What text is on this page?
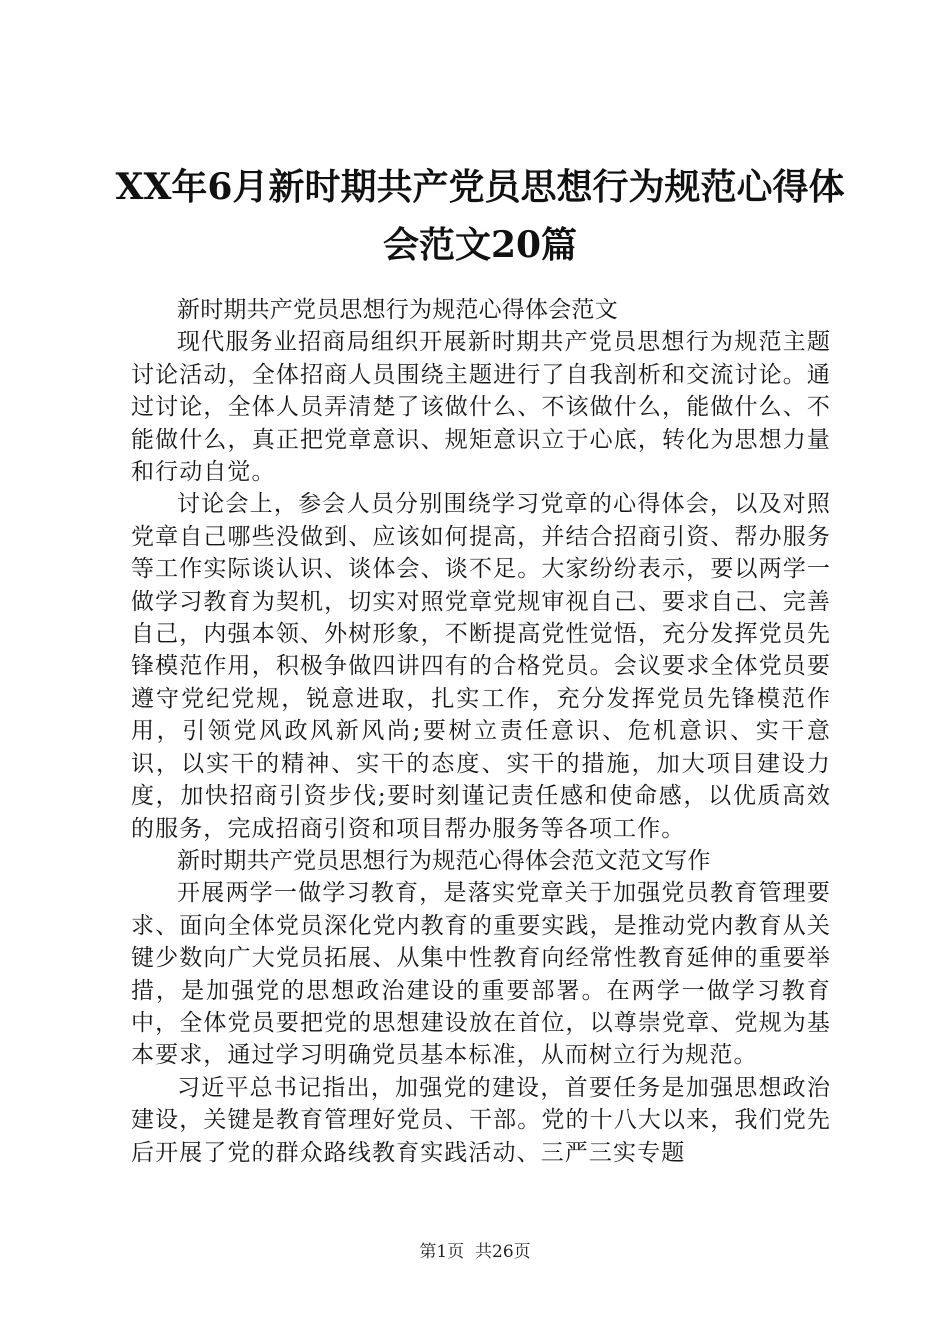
XX年6月新时期共产党员思想行为规范心得体会范文20篇

新时期共产党员思想行为规范心得体会范文

现代服务业招商局组织开展新时期共产党员思想行为规范主题讨论活动，全体招商人员围绕主题进行了自我剖析和交流讨论。通过讨论，全体人员弄清楚了该做什么、不该做什么，能做什么、不能做什么，真正把党章意识、规矩意识立于心底，转化为思想力量和行动自觉。

讨论会上，参会人员分别围绕学习党章的心得体会，以及对照党章自己哪些没做到、应该如何提高，并结合招商引资、帮办服务等工作实际谈认识、谈体会、谈不足。大家纷纷表示，要以两学一做学习教育为契机，切实对照党章党规审视自己、要求自己、完善自己，内强本领、外树形象，不断提高党性觉悟，充分发挥党员先锋模范作用，积极争做四讲四有的合格党员。会议要求全体党员要遵守党纪党规，锐意进取，扎实工作，充分发挥党员先锋模范作用，引领党风政风新风尚;要树立责任意识、危机意识、实干意识，以实干的精神、实干的态度、实干的措施，加大项目建设力度，加快招商引资步伐;要时刻谨记责任感和使命感，以优质高效的服务，完成招商引资和项目帮办服务等各项工作。

新时期共产党员思想行为规范心得体会范文范文写作

开展两学一做学习教育，是落实党章关于加强党员教育管理要求、面向全体党员深化党内教育的重要实践，是推动党内教育从关键少数向广大党员拓展、从集中性教育向经常性教育延伸的重要举措，是加强党的思想政治建设的重要部署。在两学一做学习教育中，全体党员要把党的思想建设放在首位，以尊崇党章、党规为基本要求，通过学习明确党员基本标准，从而树立行为规范。

习近平总书记指出，加强党的建设，首要任务是加强思想政治建设，关键是教育管理好党员、干部。党的十八大以来，我们党先后开展了党的群众路线教育实践活动、三严三实专题

第1页 共26页
